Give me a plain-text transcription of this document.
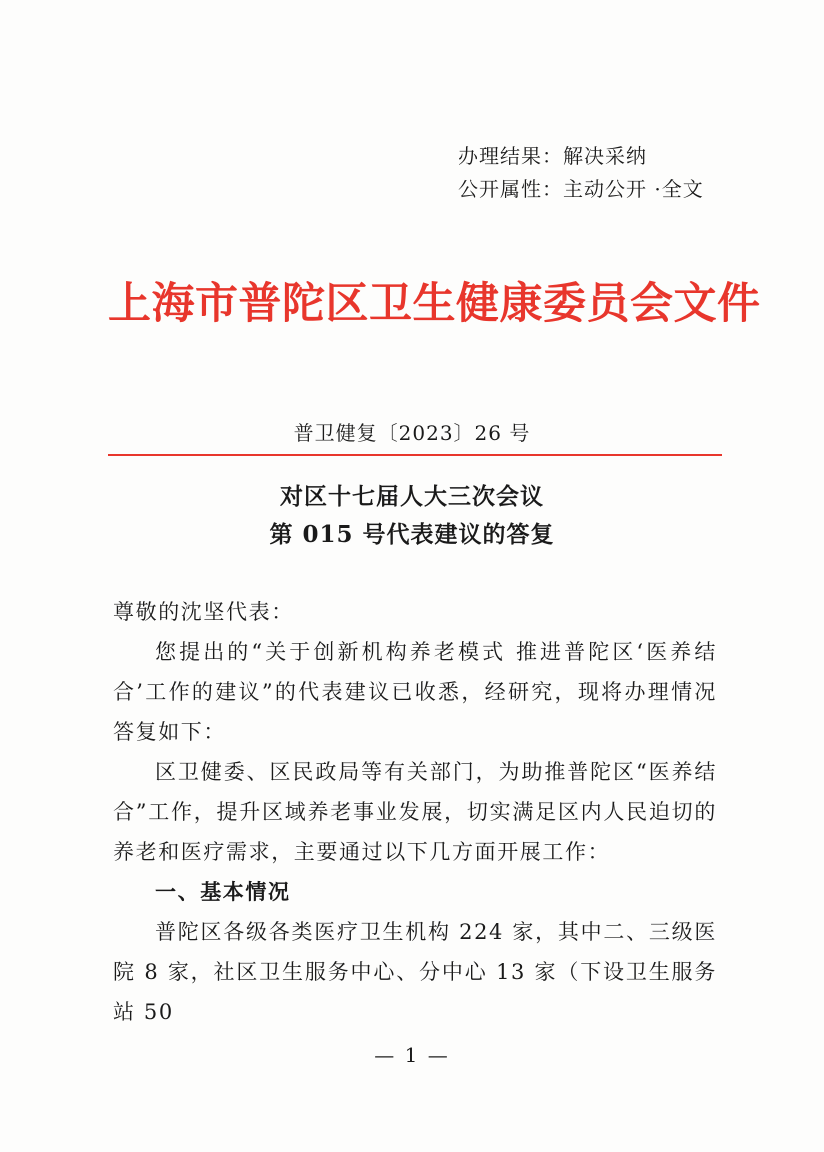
办理结果：解决采纳
公开属性：主动公开 ·全文
上海市普陀区卫生健康委员会文件
普卫健复〔2023〕26 号
对区十七届人大三次会议
第 015 号代表建议的答复

尊敬的沈坚代表：

您提出的“关于创新机构养老模式 推进普陀区‘医养结合’工作的建议”的代表建议已收悉，经研究，现将办理情况答复如下：

区卫健委、区民政局等有关部门，为助推普陀区“医养结合”工作，提升区域养老事业发展，切实满足区内人民迫切的养老和医疗需求，主要通过以下几方面开展工作：

一、基本情况

普陀区各级各类医疗卫生机构 224 家，其中二、三级医院 8 家，社区卫生服务中心、分中心 13 家（下设卫生服务站 50

— 1 —
